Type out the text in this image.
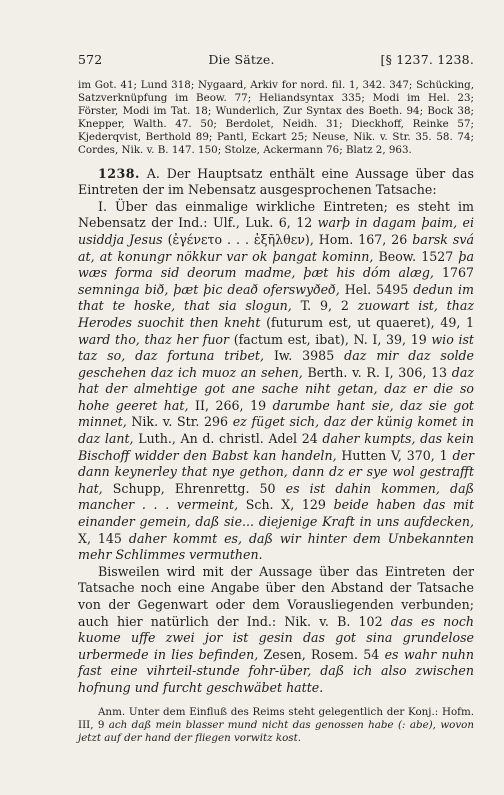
572	Die Sätze.	[§ 1237. 1238.

im Got. 41; Lund 318; Nygaard, Arkiv for nord. fil. 1, 342. 347; Schücking, Satzverknüpfung im Beow. 77; Heliandsyntax 335; Modi im Hel. 23; Förster, Modi im Tat. 18; Wunderlich, Zur Syntax des Boeth. 94; Bock 38; Knepper, Walth. 47. 50; Berdolet, Neidh. 31; Dieckhoff, Reinke 57; Kjederqvist, Berthold 89; Pantl, Eckart 25; Neuse, Nik. v. Str. 35. 58. 74; Cordes, Nik. v. B. 147. 150; Stolze, Ackermann 76; Blatz 2, 963.

1238. A. Der Hauptsatz enthält eine Aussage über das Eintreten der im Nebensatz ausgesprochenen Tatsache:

I. Über das einmalige wirkliche Eintreten; es steht im Nebensatz der Ind.: Ulf., Luk. 6, 12 warþ in dagam þaim, ei usiddja Jesus (ἐγένετο . . . ἐξῆλθεν), Hom. 167, 26 barsk svá at, at konungr nökkur var ok þangat kominn, Beow. 1527 þa wæs forma sid deorum madme, þæt his dóm alæg, 1767 semninga bið, þæt þic deað oferswyðeð, Hel. 5495 dedun im that te hoske, that sia slogun, T. 9, 2 zuowart ist, thaz Herodes suochit then kneht (futurum est, ut quaeret), 49, 1 ward tho, thaz her fuor (factum est, ibat), N. I, 39, 19 wio ist taz so, daz fortuna tribet, Iw. 3985 daz mir daz solde geschehen daz ich muoz an sehen, Berth. v. R. I, 306, 13 daz hat der almehtige got ane sache niht getan, daz er die so hohe geeret hat, II, 266, 19 darumbe hant sie, daz sie got minnet, Nik. v. Str. 296 ez füget sich, daz der künig komet in daz lant, Luth., An d. christl. Adel 24 daher kumpts, das kein Bischoff widder den Babst kan handeln, Hutten V, 370, 1 der dann keynerley that nye gethon, dann dz er sye wol gestrafft hat, Schupp, Ehrenrettg. 50 es ist dahin kommen, daß mancher . . . vermeint, Sch. X, 129 beide haben das mit einander gemein, daß sie... diejenige Kraft in uns aufdecken, X, 145 daher kommt es, daß wir hinter dem Unbekannten mehr Schlimmes vermuthen.

Bisweilen wird mit der Aussage über das Eintreten der Tatsache noch eine Angabe über den Abstand der Tatsache von der Gegenwart oder dem Vorausliegenden verbunden; auch hier natürlich der Ind.: Nik. v. B. 102 das es noch kuome uffe zwei jor ist gesin das got sina grundelose urbermede in lies befinden, Zesen, Rosem. 54 es wahr nuhn fast eine vihrteil-stunde fohr-über, daß ich also zwischen hofnung und furcht geschwäbet hatte.

Anm. Unter dem Einfluß des Reims steht gelegentlich der Konj.: Hofm. III, 9 ach daß mein blasser mund nicht das genossen habe (: abe), wovon jetzt auf der hand der fliegen vorwitz kost.
